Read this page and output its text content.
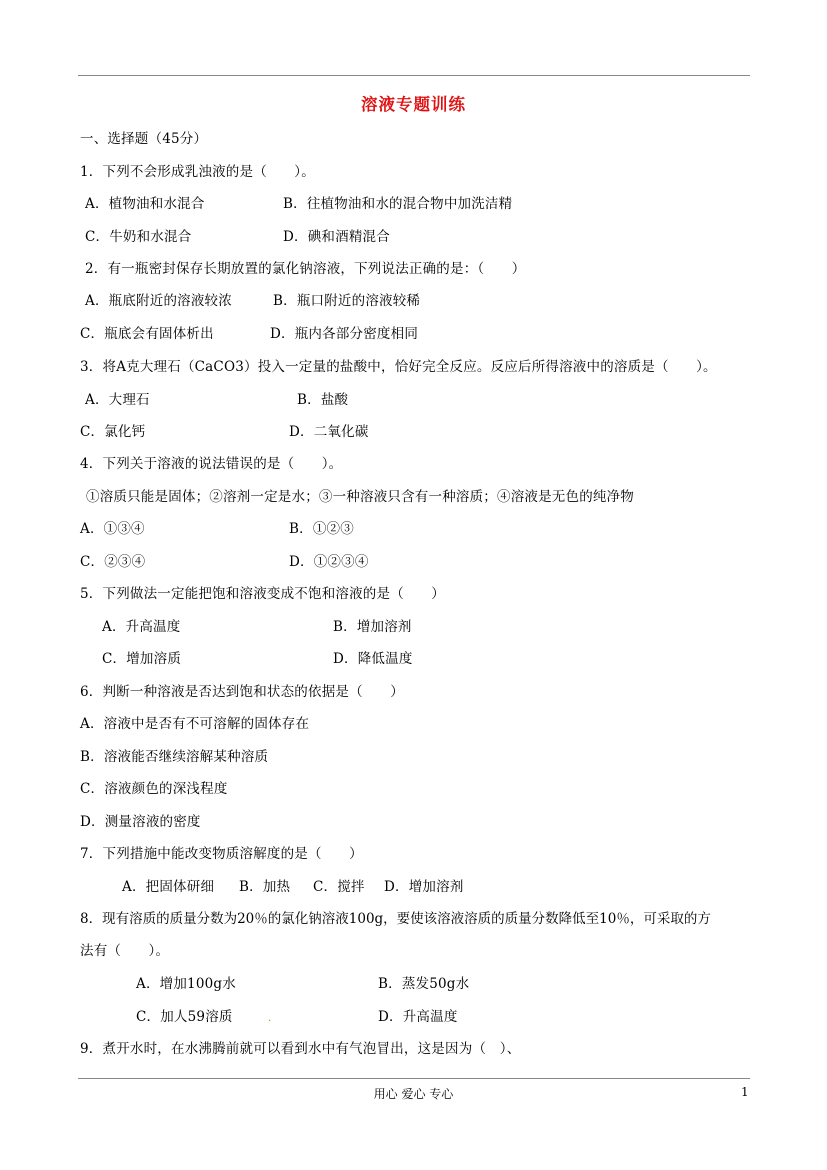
溶液专题训练
一、选择题（45分）
1．下列不会形成乳浊液的是（　　）。
A．植物油和水混合	B．往植物油和水的混合物中加洗洁精
C．牛奶和水混合	D．碘和酒精混合
2．有一瓶密封保存长期放置的氯化钠溶液，下列说法正确的是：（　　）
A．瓶底附近的溶液较浓	B．瓶口附近的溶液较稀
C．瓶底会有固体析出	D．瓶内各部分密度相同
3．将A克大理石（CaCO3）投入一定量的盐酸中，恰好完全反应。反应后所得溶液中的溶质是（　　）。
A．大理石	B．盐酸
C．氯化钙	D．二氧化碳
4．下列关于溶液的说法错误的是（　　）。
①溶质只能是固体；②溶剂一定是水；③一种溶液只含有一种溶质；④溶液是无色的纯净物
A．①③④	B．①②③
C．②③④	D．①②③④
5．下列做法一定能把饱和溶液变成不饱和溶液的是（　　）
A．升高温度	B．增加溶剂
C．增加溶质	D．降低温度
6．判断一种溶液是否达到饱和状态的依据是（　　）
A．溶液中是否有不可溶解的固体存在
B．溶液能否继续溶解某种溶质
C．溶液颜色的深浅程度
D．测量溶液的密度
7．下列措施中能改变物质溶解度的是（　　）
A．把固体研细 B．加热 C．搅拌 D．增加溶剂
8．现有溶质的质量分数为20％的氯化钠溶液100g，要使该溶液溶质的质量分数降低至10％，可采取的方
法有（　　）。
A．增加100g水	B．蒸发50g水
C．加人59溶质	D．升高温度
.
9．煮开水时，在水沸腾前就可以看到水中有气泡冒出，这是因为（　）、
用心 爱心 专心	1
